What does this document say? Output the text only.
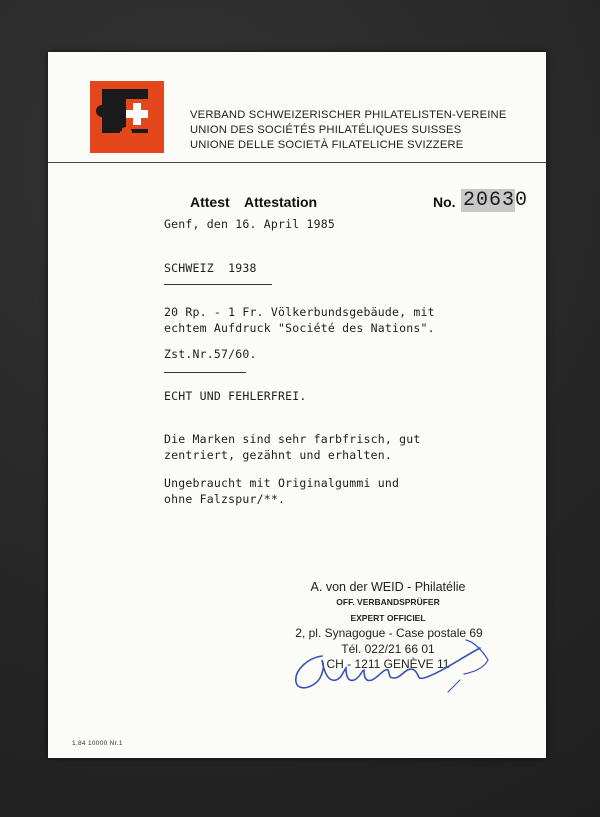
VERBAND SCHWEIZERISCHER PHILATELISTEN-VEREINE
UNION DES SOCIÉTÉS PHILATÉLIQUES SUISSES
UNIONE DELLE SOCIETÀ FILATELICHE SVIZZERE
Attest Attestation	No. 20630
Genf, den 16. April 1985
SCHWEIZ  1938
20 Rp. - 1 Fr. Völkerbundsgebäude, mit
echtem Aufdruck "Société des Nations".
Zst.Nr.57/60.
ECHT UND FEHLERFREI.
Die Marken sind sehr farbfrisch, gut
zentriert, gezähnt und erhalten.
Ungebraucht mit Originalgummi und
ohne Falzspur/**.
A. von der WEID - Philatélie
OFF. VERBANDSPRÜFER
EXPERT OFFICIEL
2, pl. Synagogue - Case postale 69
Tél. 022/21 66 01
CH - 1211 GENÈVE 11
1.84 10000 Nr.1
